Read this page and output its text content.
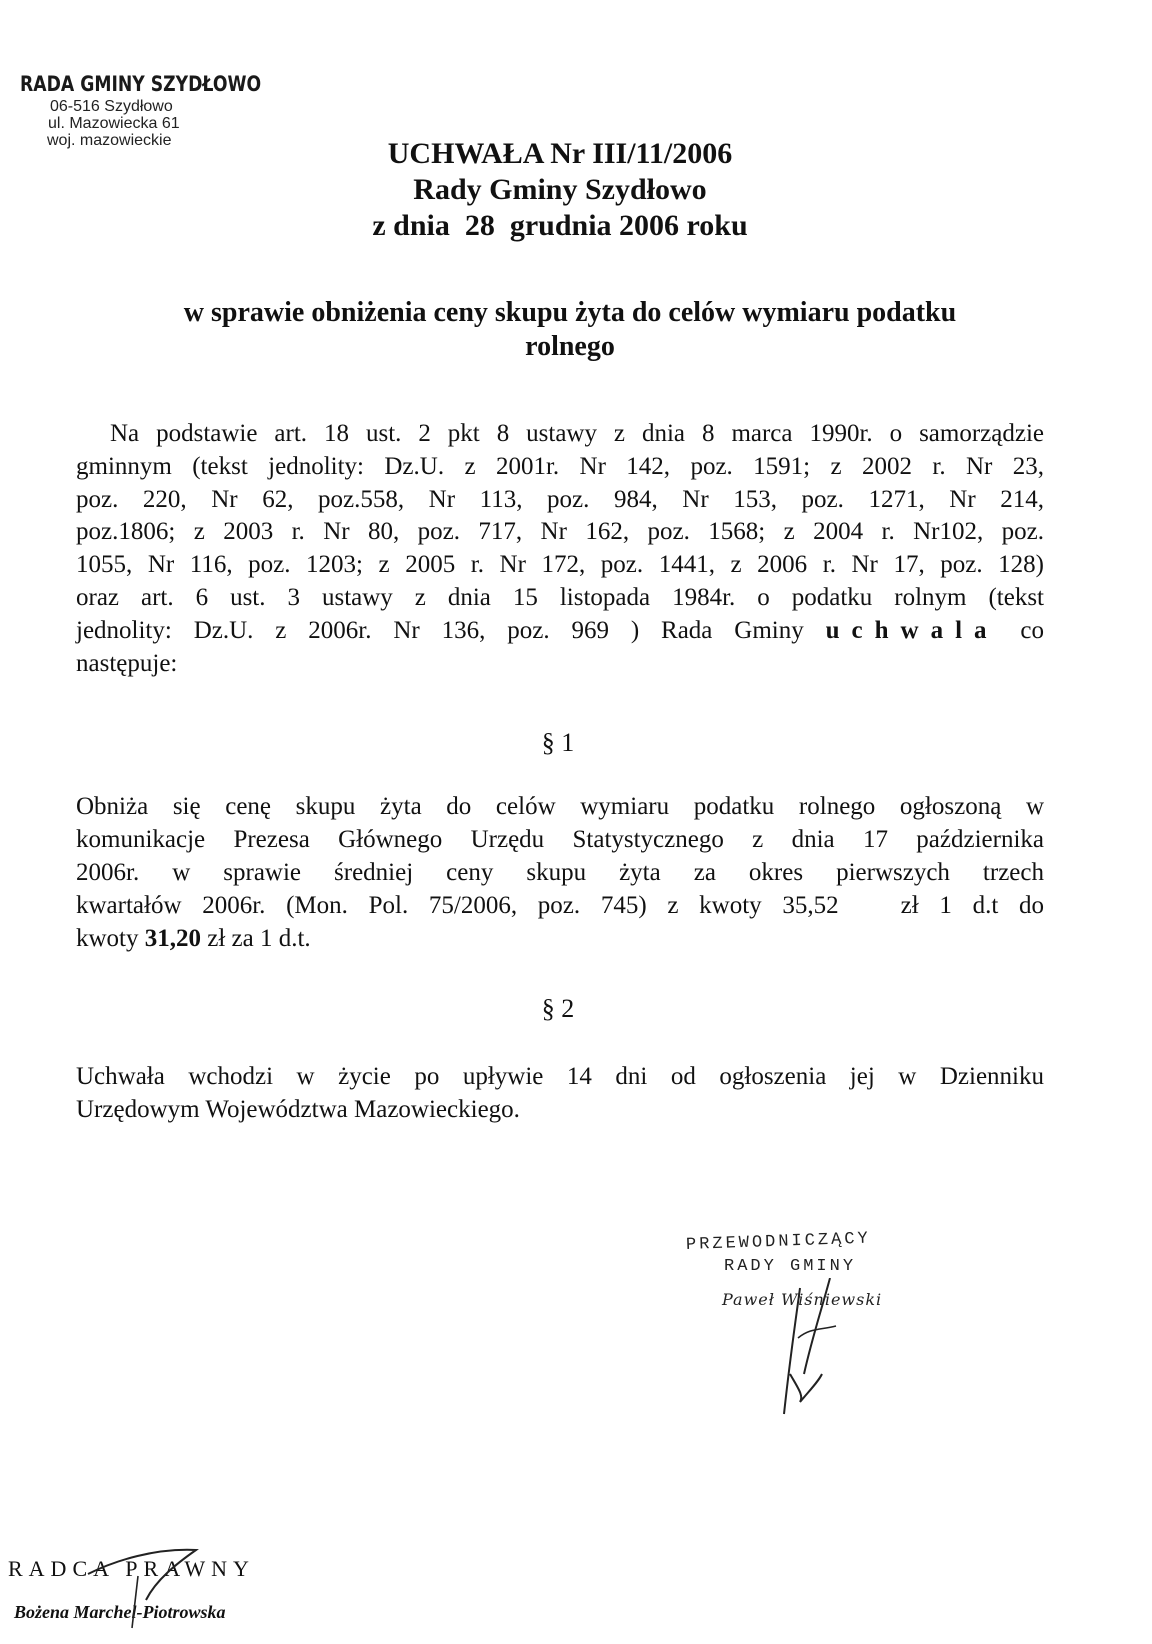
RADA GMINY SZYDŁOWO
06-516 Szydłowo
ul. Mazowiecka 61
woj. mazowieckie	UCHWAŁA Nr III/11/2006
Rady Gminy Szydłowo
z dnia  28  grudnia 2006 roku
w sprawie obniżenia ceny skupu żyta do celów wymiaru podatku
rolnego
Na podstawie art. 18 ust. 2 pkt 8 ustawy z dnia 8 marca 1990r. o samorządzie
gminnym (tekst jednolity: Dz.U. z 2001r. Nr 142, poz. 1591; z 2002 r. Nr 23,
poz. 220, Nr 62, poz.558, Nr 113, poz. 984, Nr 153, poz. 1271, Nr 214,
poz.1806; z 2003 r. Nr 80, poz. 717, Nr 162, poz. 1568; z 2004 r. Nr102, poz.
1055, Nr 116, poz. 1203; z 2005 r. Nr 172, poz. 1441, z 2006 r. Nr 17, poz. 128)
oraz art. 6 ust. 3 ustawy z dnia 15 listopada 1984r. o podatku rolnym (tekst
jednolity: Dz.U. z 2006r. Nr 136, poz. 969 ) Rada Gminy uchwala co
następuje:
§ 1
Obniża się cenę skupu żyta do celów wymiaru podatku rolnego ogłoszoną w
komunikacje Prezesa Głównego Urzędu Statystycznego z dnia 17 października
2006r. w sprawie średniej ceny skupu żyta za okres pierwszych trzech
kwartałów 2006r. (Mon. Pol. 75/2006, poz. 745) z kwoty 35,52   zł 1 d.t do
kwoty 31,20 zł za 1 d.t.
§ 2
Uchwała wchodzi w życie po upływie 14 dni od ogłoszenia jej w Dzienniku
Urzędowym Województwa Mazowieckiego.
PRZEWODNICZĄCY
RADY GMINY
Paweł Wiśniewski
RADCA PRAWNY
Bożena Marchel-Piotrowska
